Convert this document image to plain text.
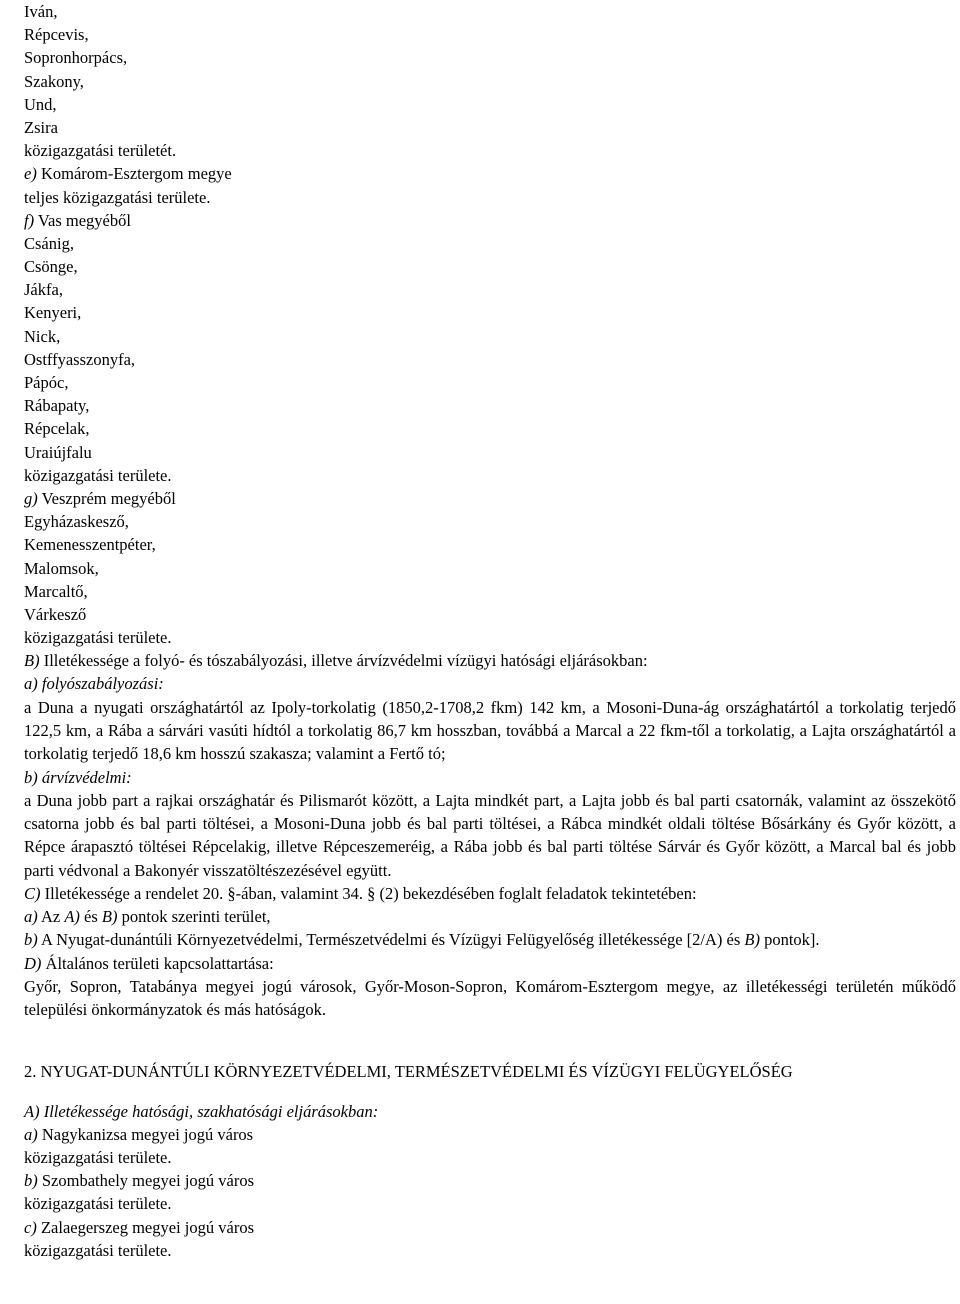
Iván,
Répcevis,
Sopronhorpács,
Szakony,
Und,
Zsira
közigazgatási területét.
e) Komárom-Esztergom megye
teljes közigazgatási területe.
f) Vas megyéből
Csánig,
Csönge,
Jákfa,
Kenyeri,
Nick,
Ostffyasszonyfa,
Pápóc,
Rábapaty,
Répcelak,
Uraiújfalu
közigazgatási területe.
g) Veszprém megyéből
Egyházaskesző,
Kemenesszentpéter,
Malomsok,
Marcaltő,
Várkesző
közigazgatási területe.
B) Illetékessége a folyó- és tószabályozási, illetve árvízvédelmi vízügyi hatósági eljárásokban:
a) folyószabályozási:

a Duna a nyugati országhatártól az Ipoly-torkolatig (1850,2-1708,2 fkm) 142 km, a Mosoni-Duna-ág országhatártól a torkolatig terjedő 122,5 km, a Rába a sárvári vasúti hídtól a torkolatig 86,7 km hosszban, továbbá a Marcal a 22 fkm-től a torkolatig, a Lajta országhatártól a torkolatig terjedő 18,6 km hosszú szakasza; valamint a Fertő tó;

b) árvízvédelmi:

a Duna jobb part a rajkai országhatár és Pilismarót között, a Lajta mindkét part, a Lajta jobb és bal parti csatornák, valamint az összekötő csatorna jobb és bal parti töltései, a Mosoni-Duna jobb és bal parti töltései, a Rábca mindkét oldali töltése Bősárkány és Győr között, a Répce árapasztó töltései Répcelakig, illetve Répceszemeréig, a Rába jobb és bal parti töltése Sárvár és Győr között, a Marcal bal és jobb parti védvonal a Bakonyér visszatöltészezésével együtt.

C) Illetékessége a rendelet 20. §-ában, valamint 34. § (2) bekezdésében foglalt feladatok tekintetében:
a) Az A) és B) pontok szerinti terület,

b) A Nyugat-dunántúli Környezetvédelmi, Természetvédelmi és Vízügyi Felügyelőség illetékessége [2/A) és B) pontok].

D) Általános területi kapcsolattartása:

Győr, Sopron, Tatabánya megyei jogú városok, Győr-Moson-Sopron, Komárom-Esztergom megye, az illetékességi területén működő települési önkormányzatok és más hatóságok.

2. NYUGAT-DUNÁNTÚLI KÖRNYEZETVÉDELMI, TERMÉSZETVÉDELMI ÉS VÍZÜGYI FELÜGYELŐSÉG

A) Illetékessége hatósági, szakhatósági eljárásokban:
a) Nagykanizsa megyei jogú város
közigazgatási területe.
b) Szombathely megyei jogú város
közigazgatási területe.
c) Zalaegerszeg megyei jogú város
közigazgatási területe.
